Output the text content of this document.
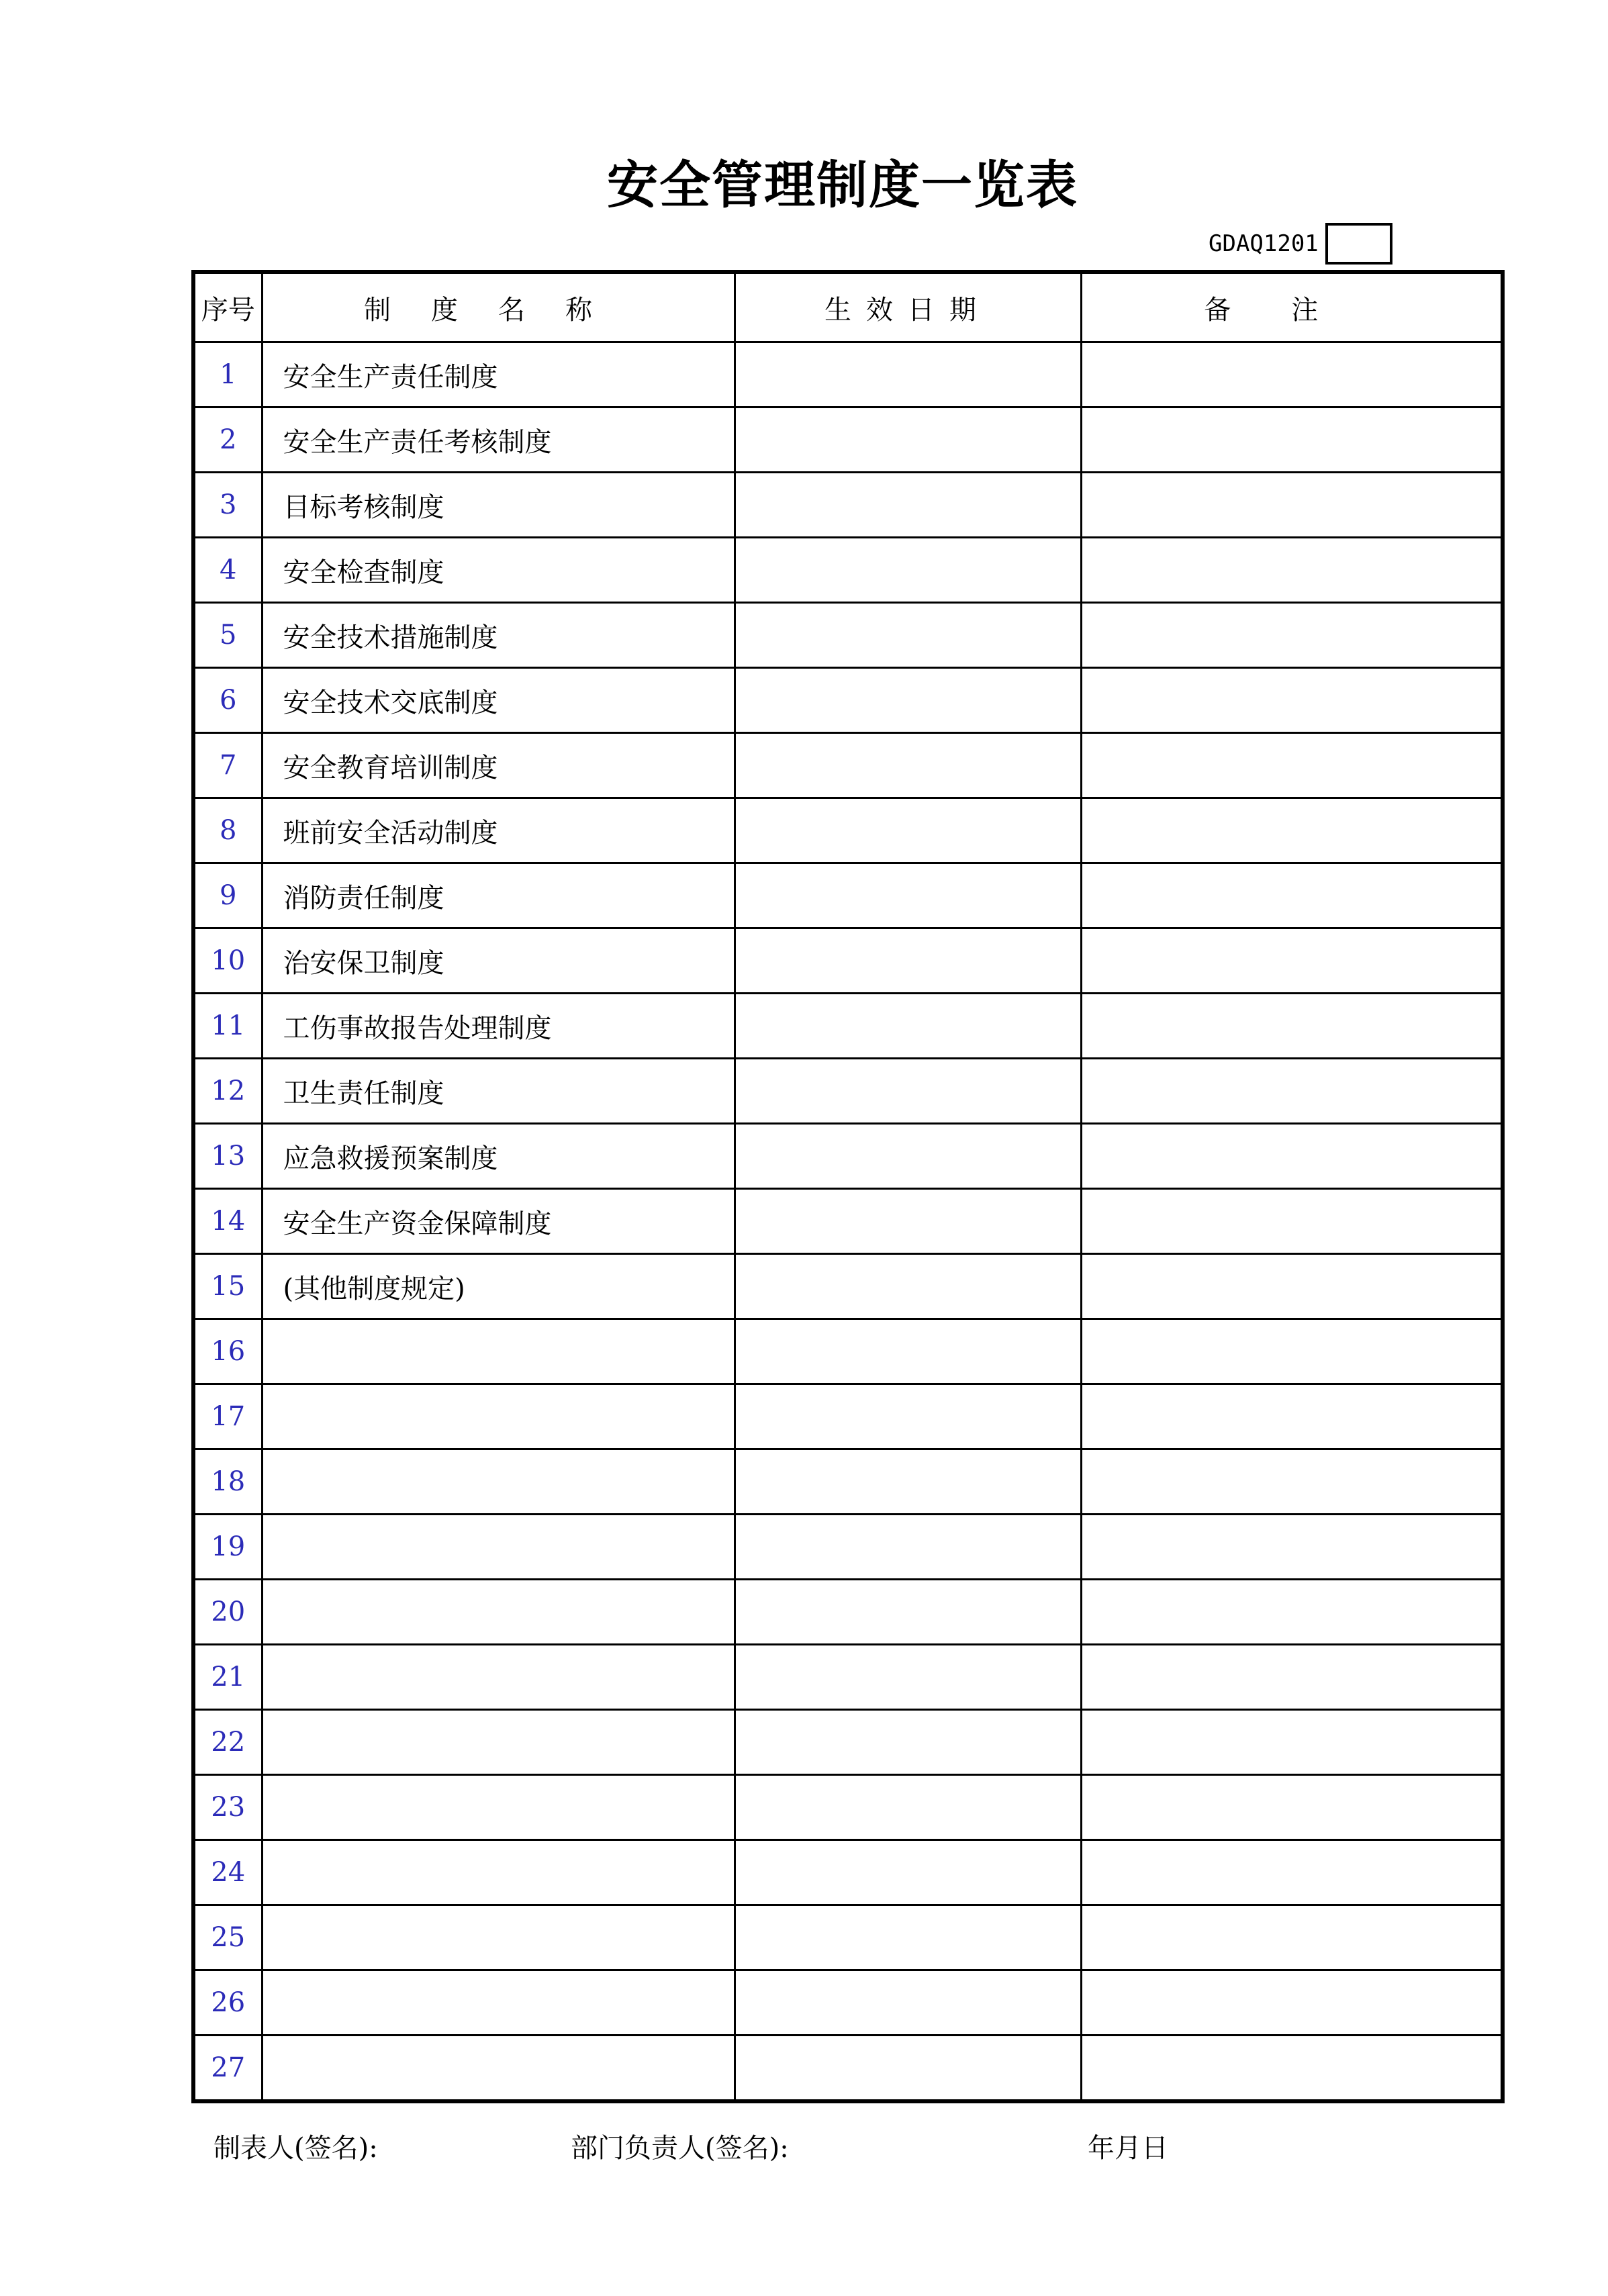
安全管理制度一览表
GDAQ1201
序号	制度名称	生效日期	备注
1	安全生产责任制度		
2	安全生产责任考核制度		
3	目标考核制度		
4	安全检查制度		
5	安全技术措施制度		
6	安全技术交底制度		
7	安全教育培训制度		
8	班前安全活动制度		
9	消防责任制度		
10	治安保卫制度		
11	工伤事故报告处理制度		
12	卫生责任制度		
13	应急救援预案制度		
14	安全生产资金保障制度		
15	(其他制度规定)		
16			
17			
18			
19			
20			
21			
22			
23			
24			
25			
26			
27			
制表人(签名):	部门负责人(签名):	年
月
日
